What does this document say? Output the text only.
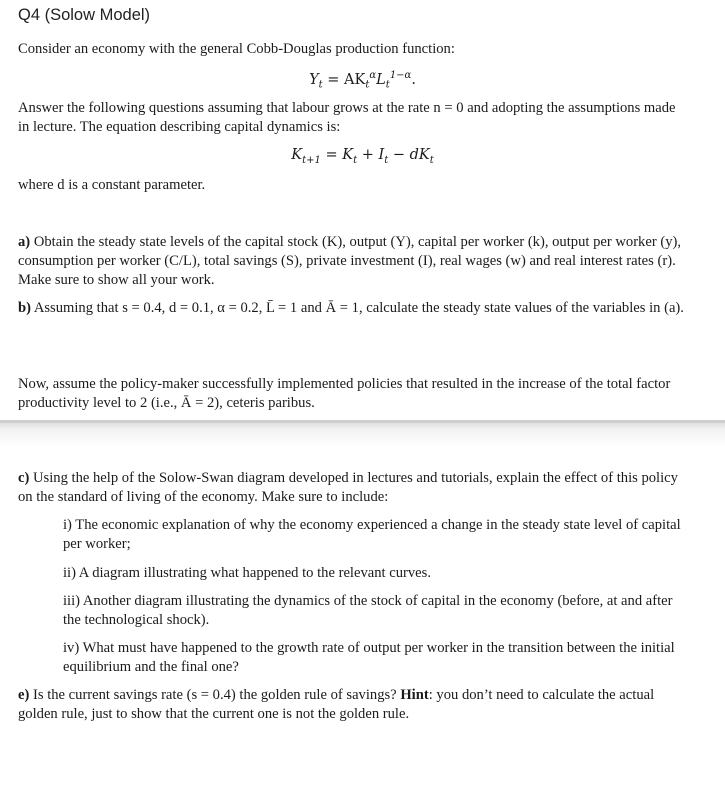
Q4 (Solow Model)

Consider an economy with the general Cobb-Douglas production function:

$Y_t = AK_t^\alpha L_t^{1-\alpha}$.

Answer the following questions assuming that labour grows at the rate n = 0 and adopting the assumptions made in lecture. The equation describing capital dynamics is:

$K_{t+1} = K_t + I_t - dK_t$

where d is a constant parameter.

a) Obtain the steady state levels of the capital stock (K), output (Y), capital per worker (k), output per worker (y), consumption per worker (C/L), total savings (S), private investment (I), real wages (w) and real interest rates (r). Make sure to show all your work.

b) Assuming that s = 0.4, d = 0.1, α = 0.2, L̄ = 1 and Ā = 1, calculate the steady state values of the variables in (a).

Now, assume the policy-maker successfully implemented policies that resulted in the increase of the total factor productivity level to 2 (i.e., Ā = 2), ceteris paribus.

c) Using the help of the Solow-Swan diagram developed in lectures and tutorials, explain the effect of this policy on the standard of living of the economy. Make sure to include:

i) The economic explanation of why the economy experienced a change in the steady state level of capital per worker;

ii) A diagram illustrating what happened to the relevant curves.

iii) Another diagram illustrating the dynamics of the stock of capital in the economy (before, at and after the technological shock).

iv) What must have happened to the growth rate of output per worker in the transition between the initial equilibrium and the final one?

e) Is the current savings rate (s = 0.4) the golden rule of savings? Hint: you don’t need to calculate the actual golden rule, just to show that the current one is not the golden rule.
